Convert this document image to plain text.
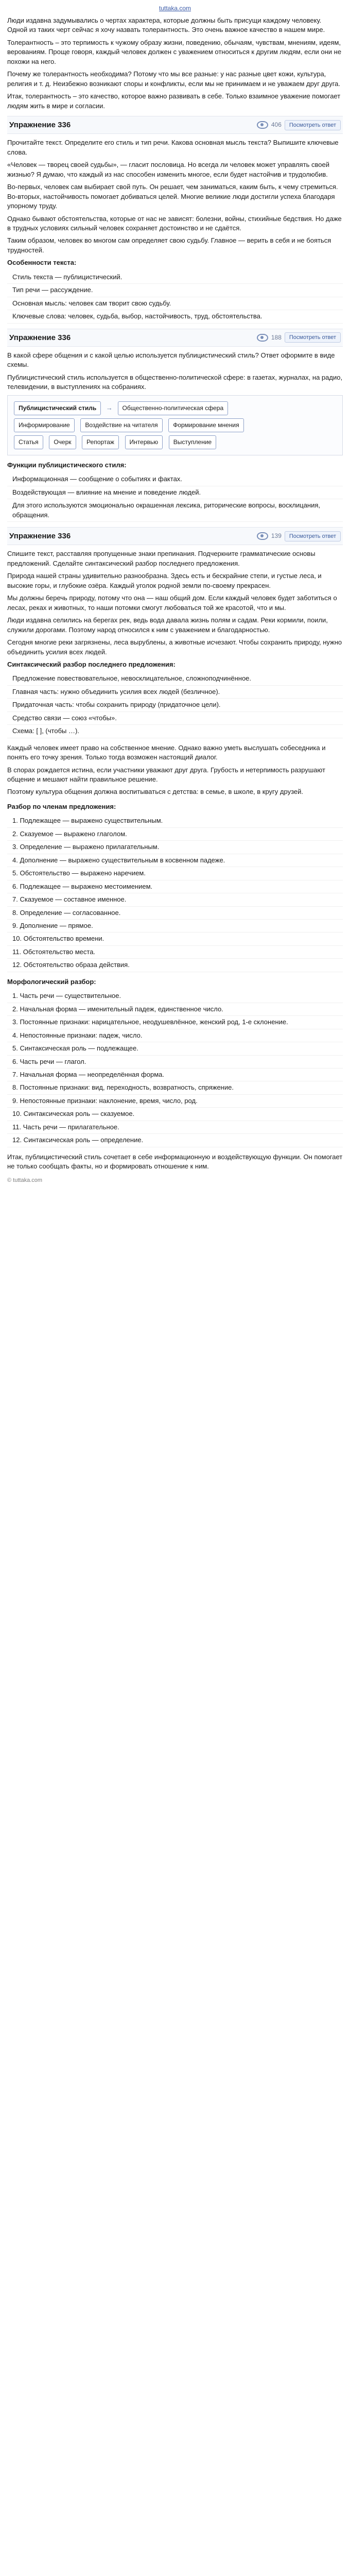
tuttaka.com

Люди издавна задумывались о чертах характера, которые должны быть присущи каждому человеку. Одной из таких черт сейчас я хочу назвать толерантность. Это очень важное качество в нашем мире.

Толерантность – это терпимость к чужому образу жизни, поведению, обычаям, чувствам, мнениям, идеям, верованиям. Проще говоря, каждый человек должен с уважением относиться к другим людям, если они не похожи на него.

Почему же толерантность необходима? Потому что мы все разные: у нас разные цвет кожи, культура, религия и т. д. Неизбежно возникают споры и конфликты, если мы не принимаем и не уважаем друг друга.

Итак, толерантность – это качество, которое важно развивать в себе. Только взаимное уважение помогает людям жить в мире и согласии.

Упражнение 336	406	Посмотреть ответ

Прочитайте текст. Определите его стиль и тип речи. Какова основная мысль текста? Выпишите ключевые слова.

«Человек — творец своей судьбы», — гласит пословица. Но всегда ли человек может управлять своей жизнью? Я думаю, что каждый из нас способен изменить многое, если будет настойчив и трудолюбив.

Во-первых, человек сам выбирает свой путь. Он решает, чем заниматься, каким быть, к чему стремиться. Во-вторых, настойчивость помогает добиваться целей. Многие великие люди достигли успеха благодаря упорному труду.

Однако бывают обстоятельства, которые от нас не зависят: болезни, войны, стихийные бедствия. Но даже в трудных условиях сильный человек сохраняет достоинство и не сдаётся.

Таким образом, человек во многом сам определяет свою судьбу. Главное — верить в себя и не бояться трудностей.

Особенности текста:

Стиль текста — публицистический.
Тип речи — рассуждение.
Основная мысль: человек сам творит свою судьбу.
Ключевые слова: человек, судьба, выбор, настойчивость, труд, обстоятельства.
Упражнение 336	188	Посмотреть ответ

В какой сфере общения и с какой целью используется публицистический стиль? Ответ оформите в виде схемы.

Публицистический стиль используется в общественно-политической сфере: в газетах, журналах, на радио, телевидении, в выступлениях на собраниях.

Публицистический стиль → Общественно-политическая сфера
Информирование Воздействие на читателя Формирование мнения
Статья Очерк Репортаж Интервью Выступление

Функции публицистического стиля:

Информационная — сообщение о событиях и фактах.
Воздействующая — влияние на мнение и поведение людей.
Для этого используются эмоционально окрашенная лексика, риторические вопросы, восклицания, обращения.
Упражнение 336	139	Посмотреть ответ

Спишите текст, расставляя пропущенные знаки препинания. Подчеркните грамматические основы предложений. Сделайте синтаксический разбор последнего предложения.

Природа нашей страны удивительно разнообразна. Здесь есть и бескрайние степи, и густые леса, и высокие горы, и глубокие озёра. Каждый уголок родной земли по-своему прекрасен.

Мы должны беречь природу, потому что она — наш общий дом. Если каждый человек будет заботиться о лесах, реках и животных, то наши потомки смогут любоваться той же красотой, что и мы.

Люди издавна селились на берегах рек, ведь вода давала жизнь полям и садам. Реки кормили, поили, служили дорогами. Поэтому народ относился к ним с уважением и благодарностью.

Сегодня многие реки загрязнены, леса вырублены, а животные исчезают. Чтобы сохранить природу, нужно объединить усилия всех людей.

Синтаксический разбор последнего предложения:

Предложение повествовательное, невосклицательное, сложноподчинённое.
Главная часть: нужно объединить усилия всех людей (безличное).
Придаточная часть: чтобы сохранить природу (придаточное цели).
Средство связи — союз «чтобы».
Схема: [ ], (чтобы …).

Каждый человек имеет право на собственное мнение. Однако важно уметь выслушать собеседника и понять его точку зрения. Только тогда возможен настоящий диалог.

В спорах рождается истина, если участники уважают друг друга. Грубость и нетерпимость разрушают общение и мешают найти правильное решение.

Поэтому культура общения должна воспитываться с детства: в семье, в школе, в кругу друзей.

Разбор по членам предложения:

1. Подлежащее — выражено существительным.
2. Сказуемое — выражено глаголом.
3. Определение — выражено прилагательным.
4. Дополнение — выражено существительным в косвенном падеже.
5. Обстоятельство — выражено наречием.
6. Подлежащее — выражено местоимением.
7. Сказуемое — составное именное.
8. Определение — согласованное.
9. Дополнение — прямое.
10. Обстоятельство времени.
11. Обстоятельство места.
12. Обстоятельство образа действия.

Морфологический разбор:

1. Часть речи — существительное.
2. Начальная форма — именительный падеж, единственное число.
3. Постоянные признаки: нарицательное, неодушевлённое, женский род, 1-е склонение.
4. Непостоянные признаки: падеж, число.
5. Синтаксическая роль — подлежащее.
6. Часть речи — глагол.
7. Начальная форма — неопределённая форма.
8. Постоянные признаки: вид, переходность, возвратность, спряжение.
9. Непостоянные признаки: наклонение, время, число, род.
10. Синтаксическая роль — сказуемое.
11. Часть речи — прилагательное.
12. Синтаксическая роль — определение.

Итак, публицистический стиль сочетает в себе информационную и воздействующую функции. Он помогает не только сообщать факты, но и формировать отношение к ним.

© tuttaka.com
